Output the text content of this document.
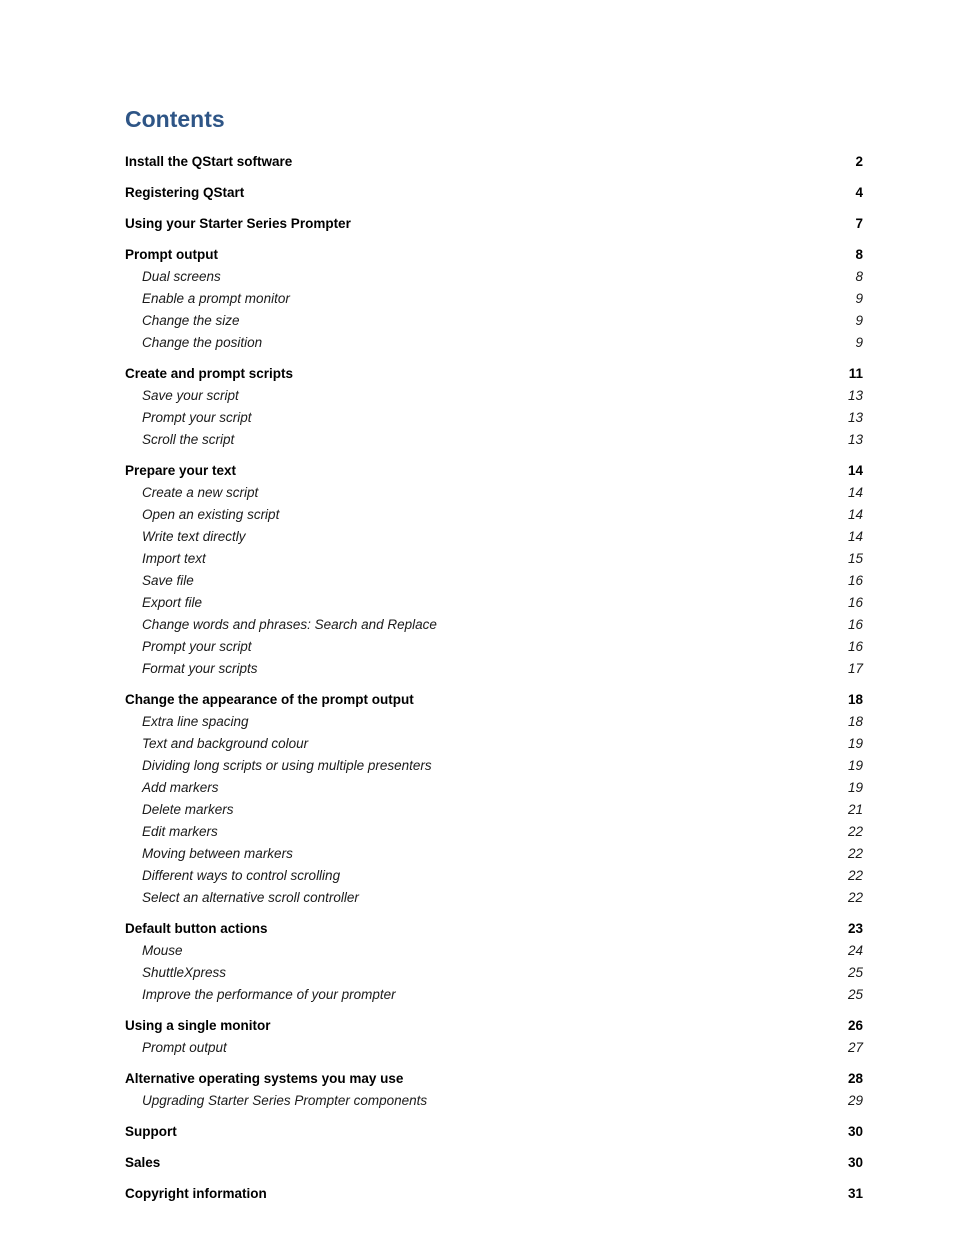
Contents
Install the QStart software	2
Registering QStart	4
Using your Starter Series Prompter	7
Prompt output	8
Dual screens	8
Enable a prompt monitor	9
Change the size	9
Change the position	9
Create and prompt scripts	11
Save your script	13
Prompt your script	13
Scroll the script	13
Prepare your text	14
Create a new script	14
Open an existing script	14
Write text directly	14
Import text	15
Save file	16
Export file	16
Change words and phrases: Search and Replace	16
Prompt your script	16
Format your scripts	17
Change the appearance of the prompt output	18
Extra line spacing	18
Text and background colour	19
Dividing long scripts or using multiple presenters	19
Add markers	19
Delete markers	21
Edit markers	22
Moving between markers	22
Different ways to control scrolling	22
Select an alternative scroll controller	22
Default button actions	23
Mouse	24
ShuttleXpress	25
Improve the performance of your prompter	25
Using a single monitor	26
Prompt output	27
Alternative operating systems you may use	28
Upgrading Starter Series Prompter components	29
Support	30
Sales	30
Copyright information	31
